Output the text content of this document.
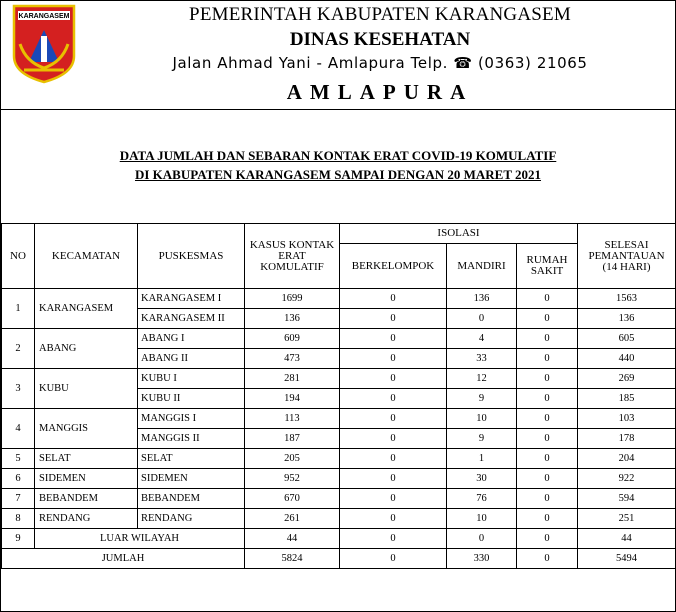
KARANGASEM	PEMERINTAH KABUPATEN KARANGASEM
DINAS KESEHATAN
Jalan Ahmad Yani - Amlapura Telp. ☎ (0363) 21065
AMLAPURA
DATA JUMLAH DAN SEBARAN KONTAK ERAT COVID-19 KOMULATIF
DI KABUPATEN KARANGASEM SAMPAI DENGAN 20 MARET 2021
NO	KECAMATAN	PUSKESMAS	KASUS KONTAK ERAT KOMULATIF	ISOLASI			SELESAI PEMANTAUAN (14 HARI)
				BERKELOMPOK	MANDIRI	RUMAH SAKIT	
1	KARANGASEM	KARANGASEM I	1699	0	136	0	1563
		KARANGASEM II	136	0	0	0	136
2	ABANG	ABANG I	609	0	4	0	605
		ABANG II	473	0	33	0	440
3	KUBU	KUBU I	281	0	12	0	269
		KUBU II	194	0	9	0	185
4	MANGGIS	MANGGIS I	113	0	10	0	103
		MANGGIS II	187	0	9	0	178
5	SELAT	SELAT	205	0	1	0	204
6	SIDEMEN	SIDEMEN	952	0	30	0	922
7	BEBANDEM	BEBANDEM	670	0	76	0	594
8	RENDANG	RENDANG	261	0	10	0	251
9	LUAR WILAYAH		44	0	0	0	44
JUMLAH			5824	0	330	0	5494
